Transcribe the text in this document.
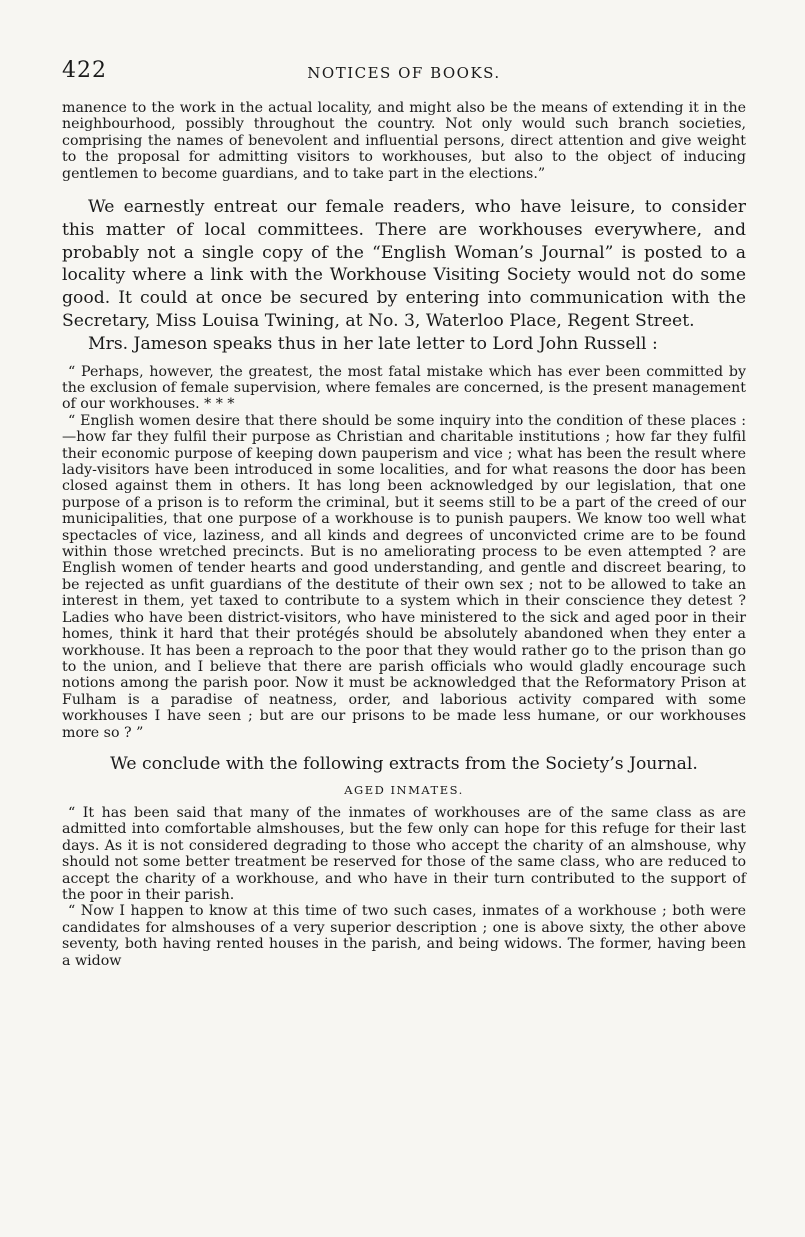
422	NOTICES OF BOOKS.

manence to the work in the actual locality, and might also be the means of extending it in the neighbourhood, possibly throughout the country. Not only would such branch societies, comprising the names of benevolent and influential persons, direct attention and give weight to the proposal for admitting visitors to workhouses, but also to the object of inducing gentlemen to become guardians, and to take part in the elections.”

We earnestly entreat our female readers, who have leisure, to consider this matter of local committees. There are workhouses everywhere, and probably not a single copy of the “English Woman’s Journal” is posted to a locality where a link with the Workhouse Visiting Society would not do some good. It could at once be secured by entering into communication with the Secretary, Miss Louisa Twining, at No. 3, Waterloo Place, Regent Street.

Mrs. Jameson speaks thus in her late letter to Lord John Russell :

“ Perhaps, however, the greatest, the most fatal mistake which has ever been committed by the exclusion of female supervision, where females are concerned, is the present management of our workhouses. * * *

“ English women desire that there should be some inquiry into the condition of these places :—how far they fulfil their purpose as Christian and charitable institutions ; how far they fulfil their economic purpose of keeping down pauperism and vice ; what has been the result where lady-visitors have been introduced in some localities, and for what reasons the door has been closed against them in others. It has long been acknowledged by our legislation, that one purpose of a prison is to reform the criminal, but it seems still to be a part of the creed of our municipalities, that one purpose of a workhouse is to punish paupers. We know too well what spectacles of vice, laziness, and all kinds and degrees of unconvicted crime are to be found within those wretched precincts. But is no ameliorating process to be even attempted ? are English women of tender hearts and good understanding, and gentle and discreet bearing, to be rejected as unfit guardians of the destitute of their own sex ; not to be allowed to take an interest in them, yet taxed to contribute to a system which in their conscience they detest ? Ladies who have been district-visitors, who have ministered to the sick and aged poor in their homes, think it hard that their protégés should be absolutely abandoned when they enter a workhouse. It has been a reproach to the poor that they would rather go to the prison than go to the union, and I believe that there are parish officials who would gladly encourage such notions among the parish poor. Now it must be acknowledged that the Reformatory Prison at Fulham is a paradise of neatness, order, and laborious activity compared with some workhouses I have seen ; but are our prisons to be made less humane, or our workhouses more so ? ”

We conclude with the following extracts from the Society’s Journal.

AGED INMATES.

“ It has been said that many of the inmates of workhouses are of the same class as are admitted into comfortable almshouses, but the few only can hope for this refuge for their last days. As it is not considered degrading to those who accept the charity of an almshouse, why should not some better treatment be reserved for those of the same class, who are reduced to accept the charity of a workhouse, and who have in their turn contributed to the support of the poor in their parish.

“ Now I happen to know at this time of two such cases, inmates of a workhouse ; both were candidates for almshouses of a very superior description ; one is above sixty, the other above seventy, both having rented houses in the parish, and being widows. The former, having been a widow
